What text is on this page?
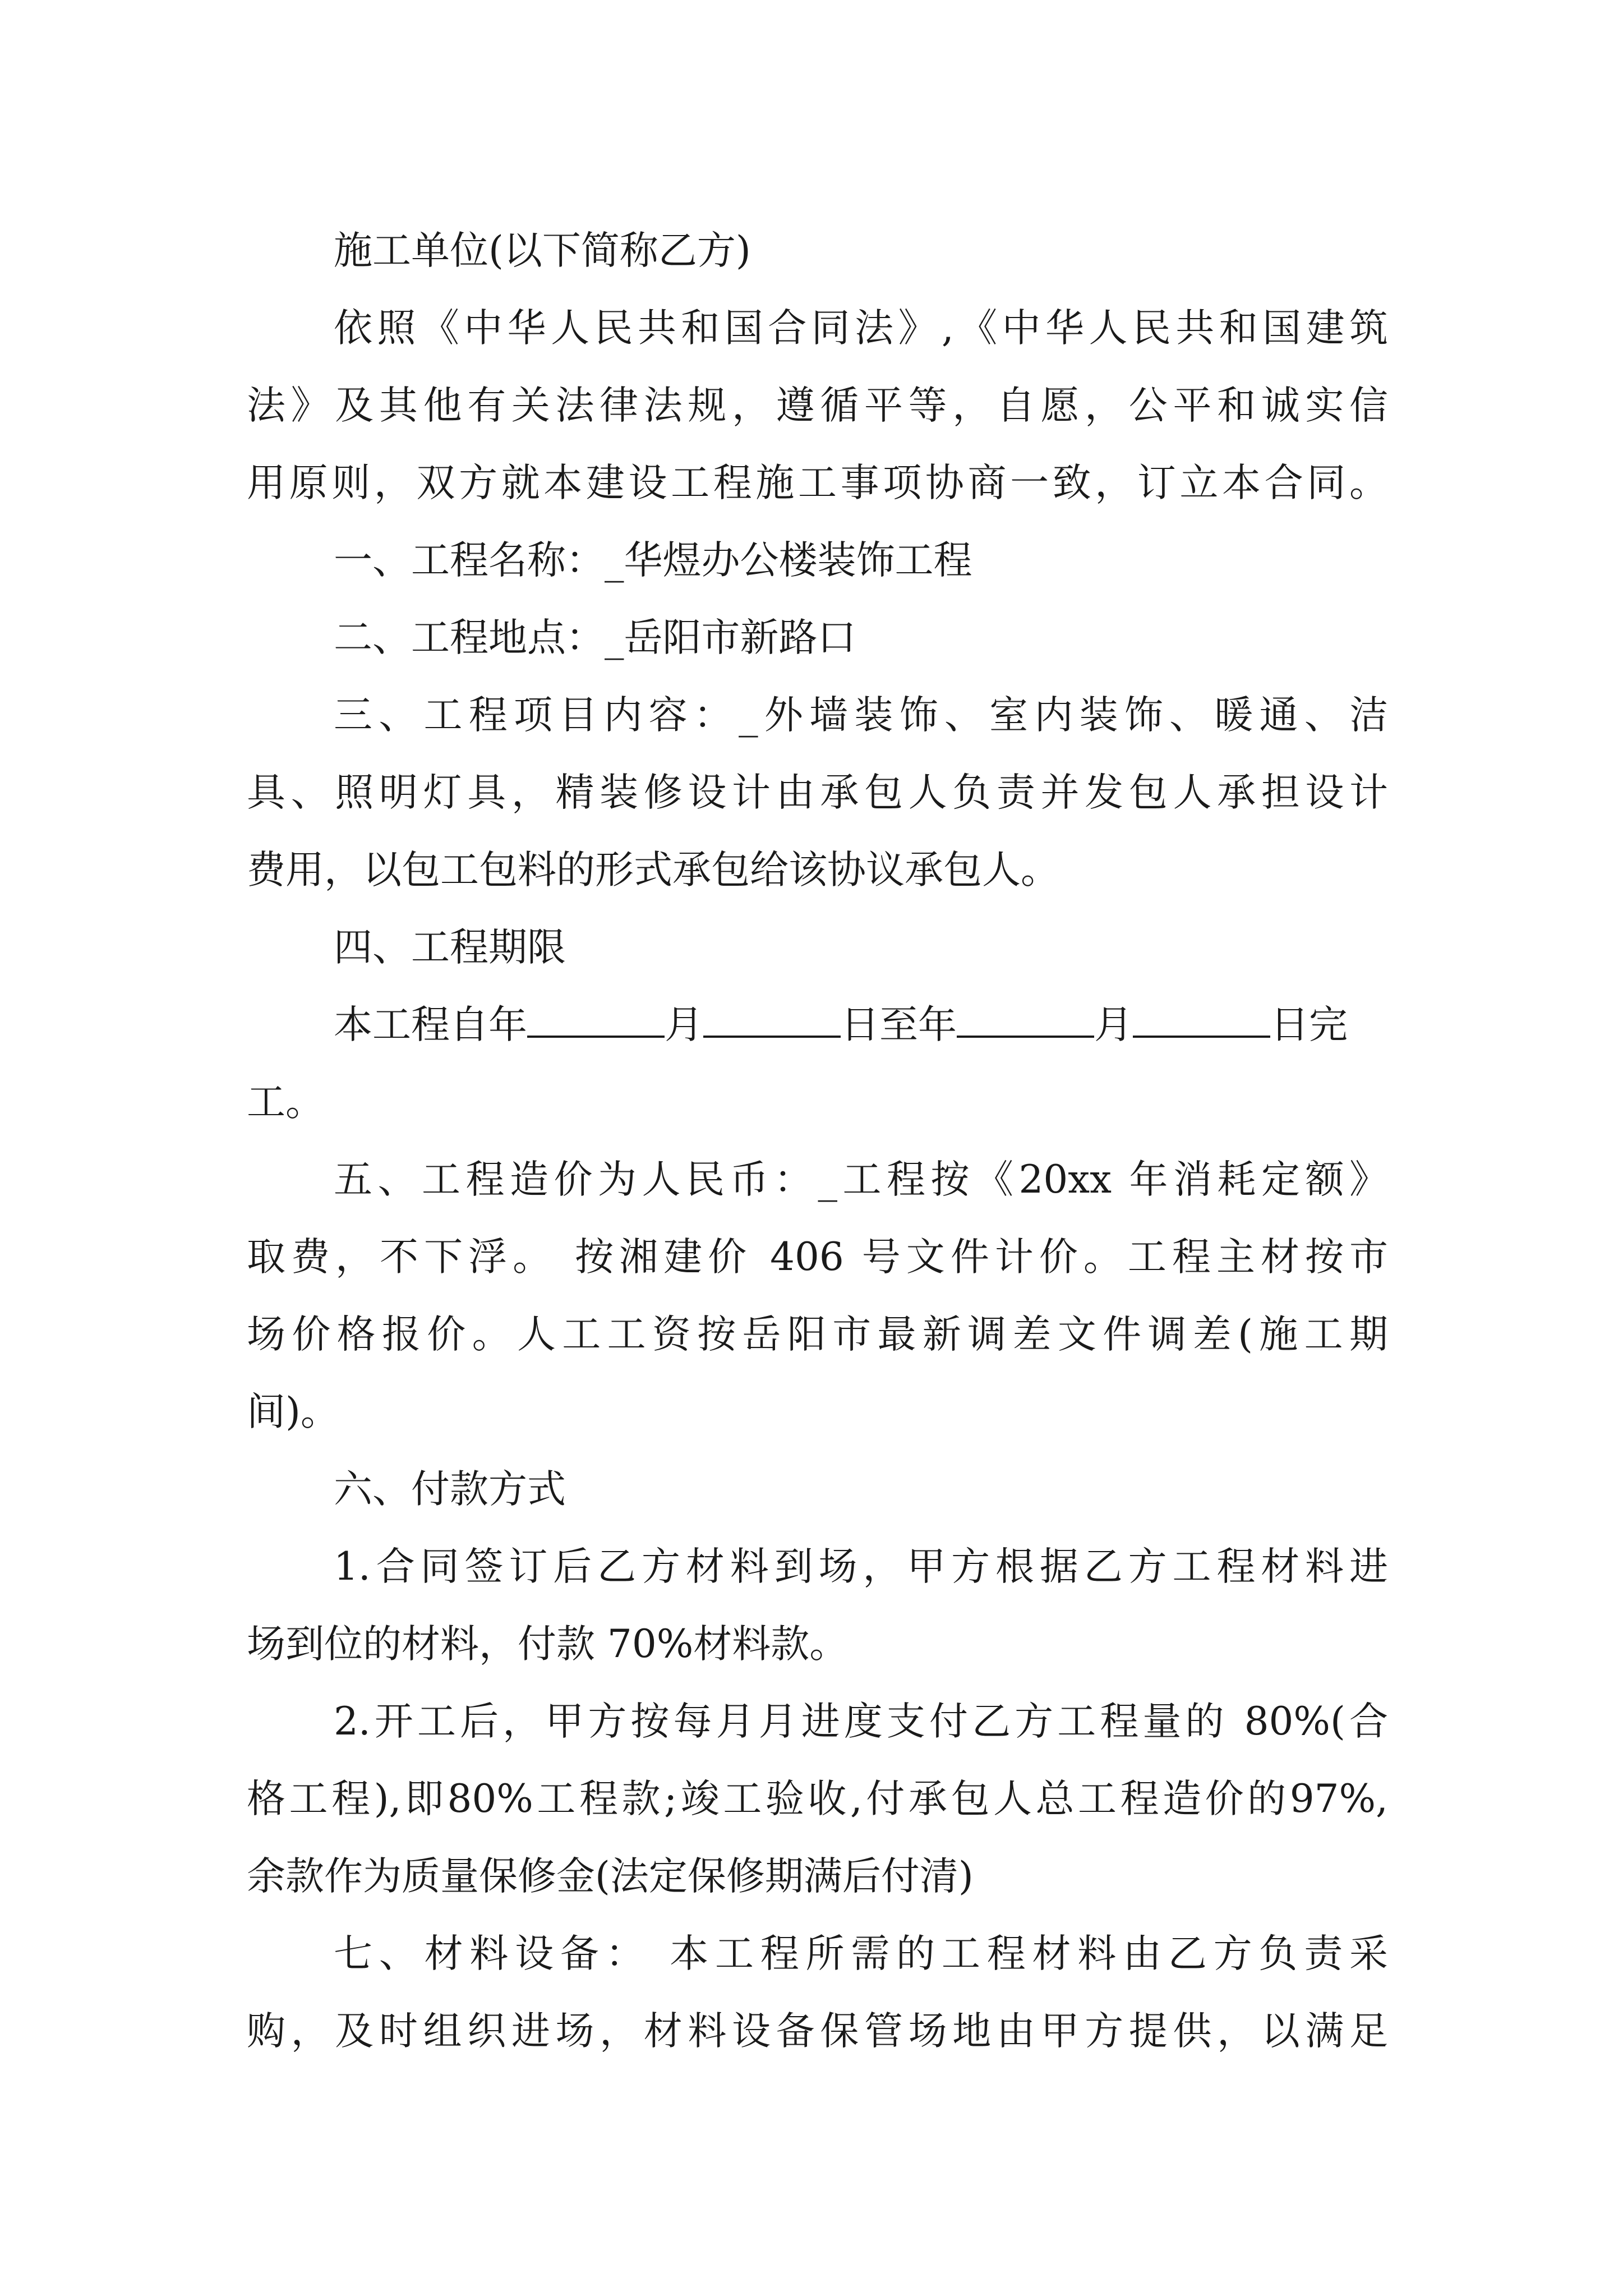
施工单位(以下简称乙方)
依照《中华人民共和国合同法》,《中华人民共和国建筑
法》及其他有关法律法规，遵循平等，自愿，公平和诚实信
用原则，双方就本建设工程施工事项协商一致，订立本合同。
一、工程名称：_华煜办公楼装饰工程
二、工程地点：_岳阳市新路口
三、工程项目内容：_外墙装饰、室内装饰、暖通、洁
具、照明灯具，精装修设计由承包人负责并发包人承担设计
费用，以包工包料的形式承包给该协议承包人。
四、工程期限
本工程自年	月	日至年	月	日完
工。
五、工程造价为人民币：_工程按《20xx 年消耗定额》
取费，不下浮。 按湘建价 406 号文件计价。工程主材按市
场价格报价。人工工资按岳阳市最新调差文件调差(施工期
间)。
六、付款方式
1.合同签订后乙方材料到场，甲方根据乙方工程材料进
场到位的材料，付款 70%材料款。
2.开工后，甲方按每月月进度支付乙方工程量的 80%(合
格工程),即80%工程款;竣工验收,付承包人总工程造价的97%,
余款作为质量保修金(法定保修期满后付清)
七、材料设备： 本工程所需的工程材料由乙方负责采
购，及时组织进场，材料设备保管场地由甲方提供，以满足
